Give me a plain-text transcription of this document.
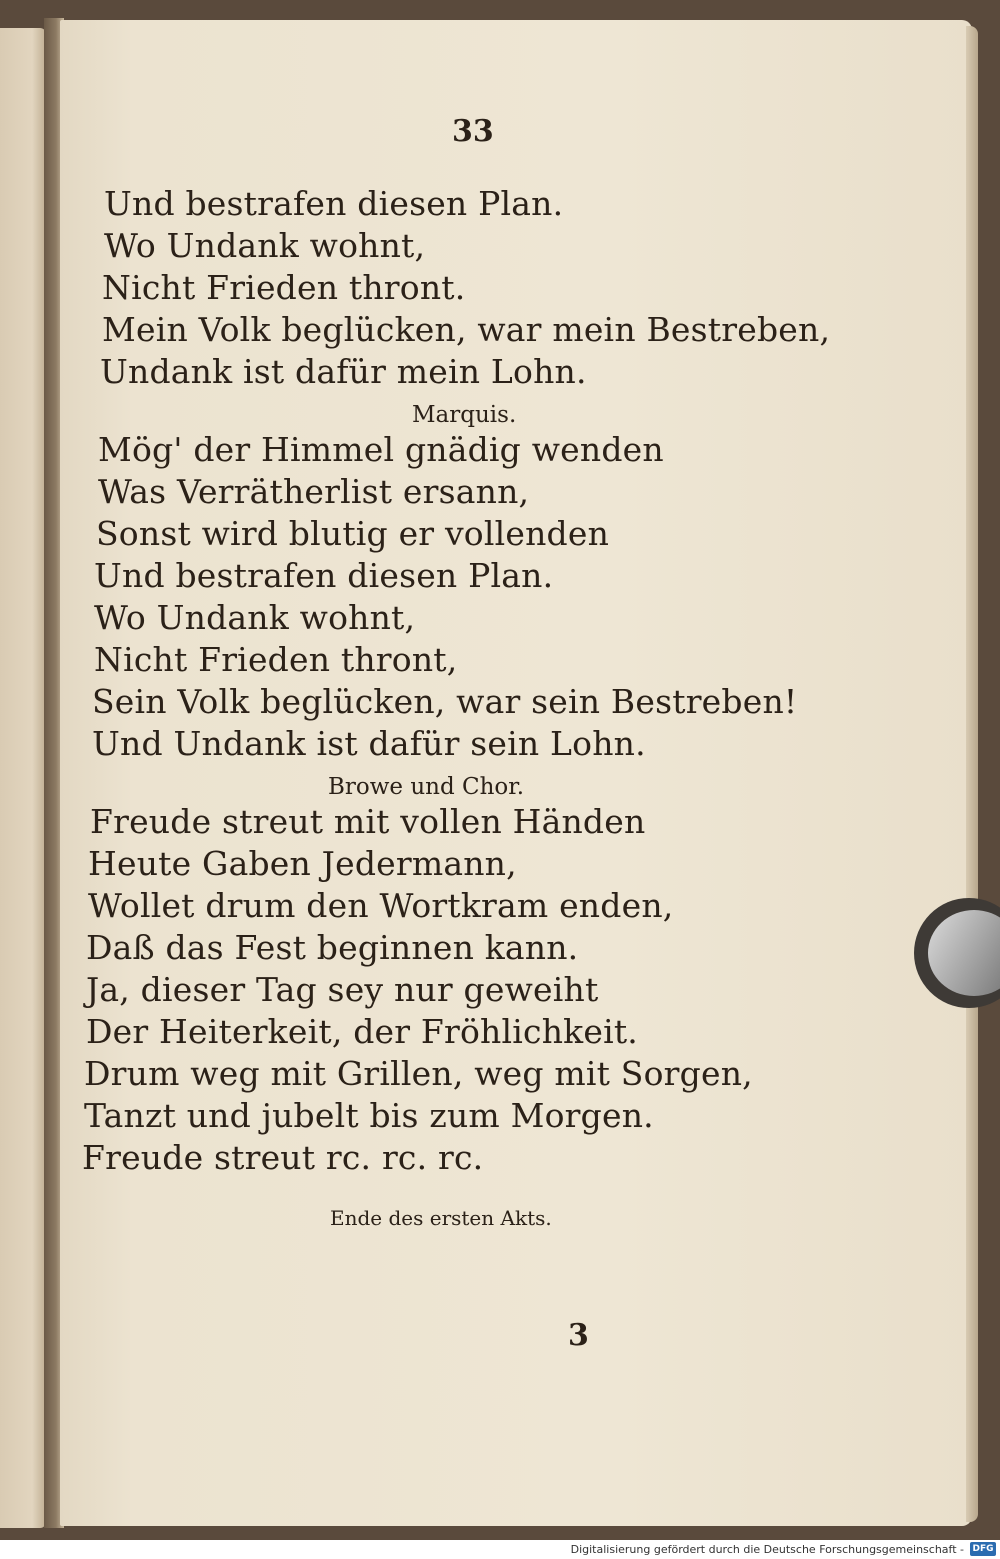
33
Und bestrafen diesen Plan.
Wo Undank wohnt,
Nicht Frieden thront.
Mein Volk beglücken, war mein Bestreben,
Undank ist dafür mein Lohn.
Marquis.
Mög' der Himmel gnädig wenden
Was Verrätherlist ersann,
Sonst wird blutig er vollenden
Und bestrafen diesen Plan.
Wo Undank wohnt,
Nicht Frieden thront,
Sein Volk beglücken, war sein Bestreben!
Und Undank ist dafür sein Lohn.
Browe und Chor.
Freude streut mit vollen Händen
Heute Gaben Jedermann,
Wollet drum den Wortkram enden,
Daß das Fest beginnen kann.
Ja, dieser Tag sey nur geweiht
Der Heiterkeit, der Fröhlichkeit.
Drum weg mit Grillen, weg mit Sorgen,
Tanzt und jubelt bis zum Morgen.
Freude streut rc. rc. rc.
Ende des ersten Akts.
3
Digitalisierung gefördert durch die Deutsche Forschungsgemeinschaft - DFG
